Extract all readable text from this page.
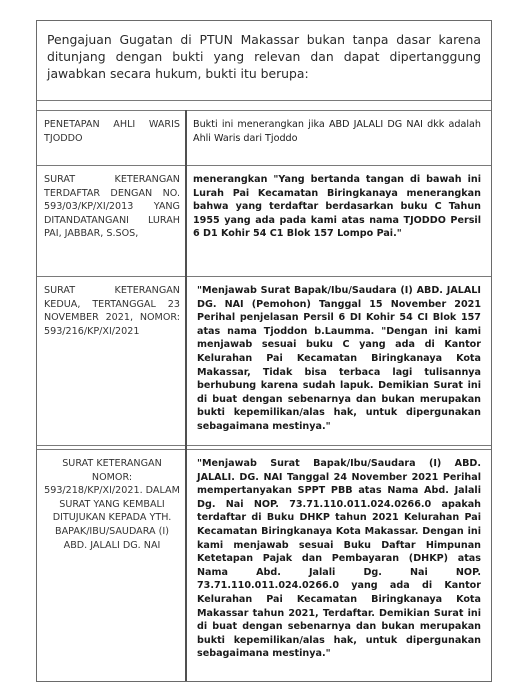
Pengajuan Gugatan di PTUN Makassar bukan tanpa dasar karena ditunjang dengan bukti yang relevan dan dapat dipertanggung jawabkan secara hukum, bukti itu berupa:
PENETAPAN AHLI WARIS TJODDO
Bukti ini menerangkan jika ABD JALALI DG NAI dkk adalah Ahli Waris dari Tjoddo
SURAT KETERANGAN TERDAFTAR DENGAN NO. 593/03/KP/XI/2013 YANG DITANDATANGANI LURAH PAI, JABBAR, S.SOS,
menerangkan "Yang bertanda tangan di bawah ini Lurah Pai Kecamatan Biringkanaya menerangkan bahwa yang terdaftar berdasarkan buku C Tahun 1955 yang ada pada kami atas nama TJODDO Persil 6 D1 Kohir 54 C1 Blok 157 Lompo Pai."
SURAT KETERANGAN KEDUA, TERTANGGAL 23 NOVEMBER 2021, NOMOR: 593/216/KP/XI/2021
"Menjawab Surat Bapak/Ibu/Saudara (I) ABD. JALALI DG. NAI (Pemohon) Tanggal 15 November 2021 Perihal penjelasan Persil 6 DI Kohir 54 CI Blok 157 atas nama Tjoddon b.Laumma. "Dengan ini kami menjawab sesuai buku C yang ada di Kantor Kelurahan Pai Kecamatan Biringkanaya Kota Makassar, Tidak bisa terbaca lagi tulisannya berhubung karena sudah lapuk. Demikian Surat ini di buat dengan sebenarnya dan bukan merupakan bukti kepemilikan/alas hak, untuk dipergunakan sebagaimana mestinya."
SURAT KETERANGAN NOMOR: 593/218/KP/XI/2021. DALAM SURAT YANG KEMBALI DITUJUKAN KEPADA YTH. BAPAK/IBU/SAUDARA (I) ABD. JALALI DG. NAI
"Menjawab Surat Bapak/Ibu/Saudara (I) ABD. JALALI. DG. NAI Tanggal 24 November 2021 Perihal mempertanyakan SPPT PBB atas Nama Abd. Jalali Dg. Nai NOP. 73.71.110.011.024.0266.0 apakah terdaftar di Buku DHKP tahun 2021 Kelurahan Pai Kecamatan Biringkanaya Kota Makassar. Dengan ini kami menjawab sesuai Buku Daftar Himpunan Ketetapan Pajak dan Pembayaran (DHKP) atas Nama Abd. Jalali Dg. Nai NOP. 73.71.110.011.024.0266.0 yang ada di Kantor Kelurahan Pai Kecamatan Biringkanaya Kota Makassar tahun 2021, Terdaftar. Demikian Surat ini di buat dengan sebenarnya dan bukan merupakan bukti kepemilikan/alas hak, untuk dipergunakan sebagaimana mestinya."
